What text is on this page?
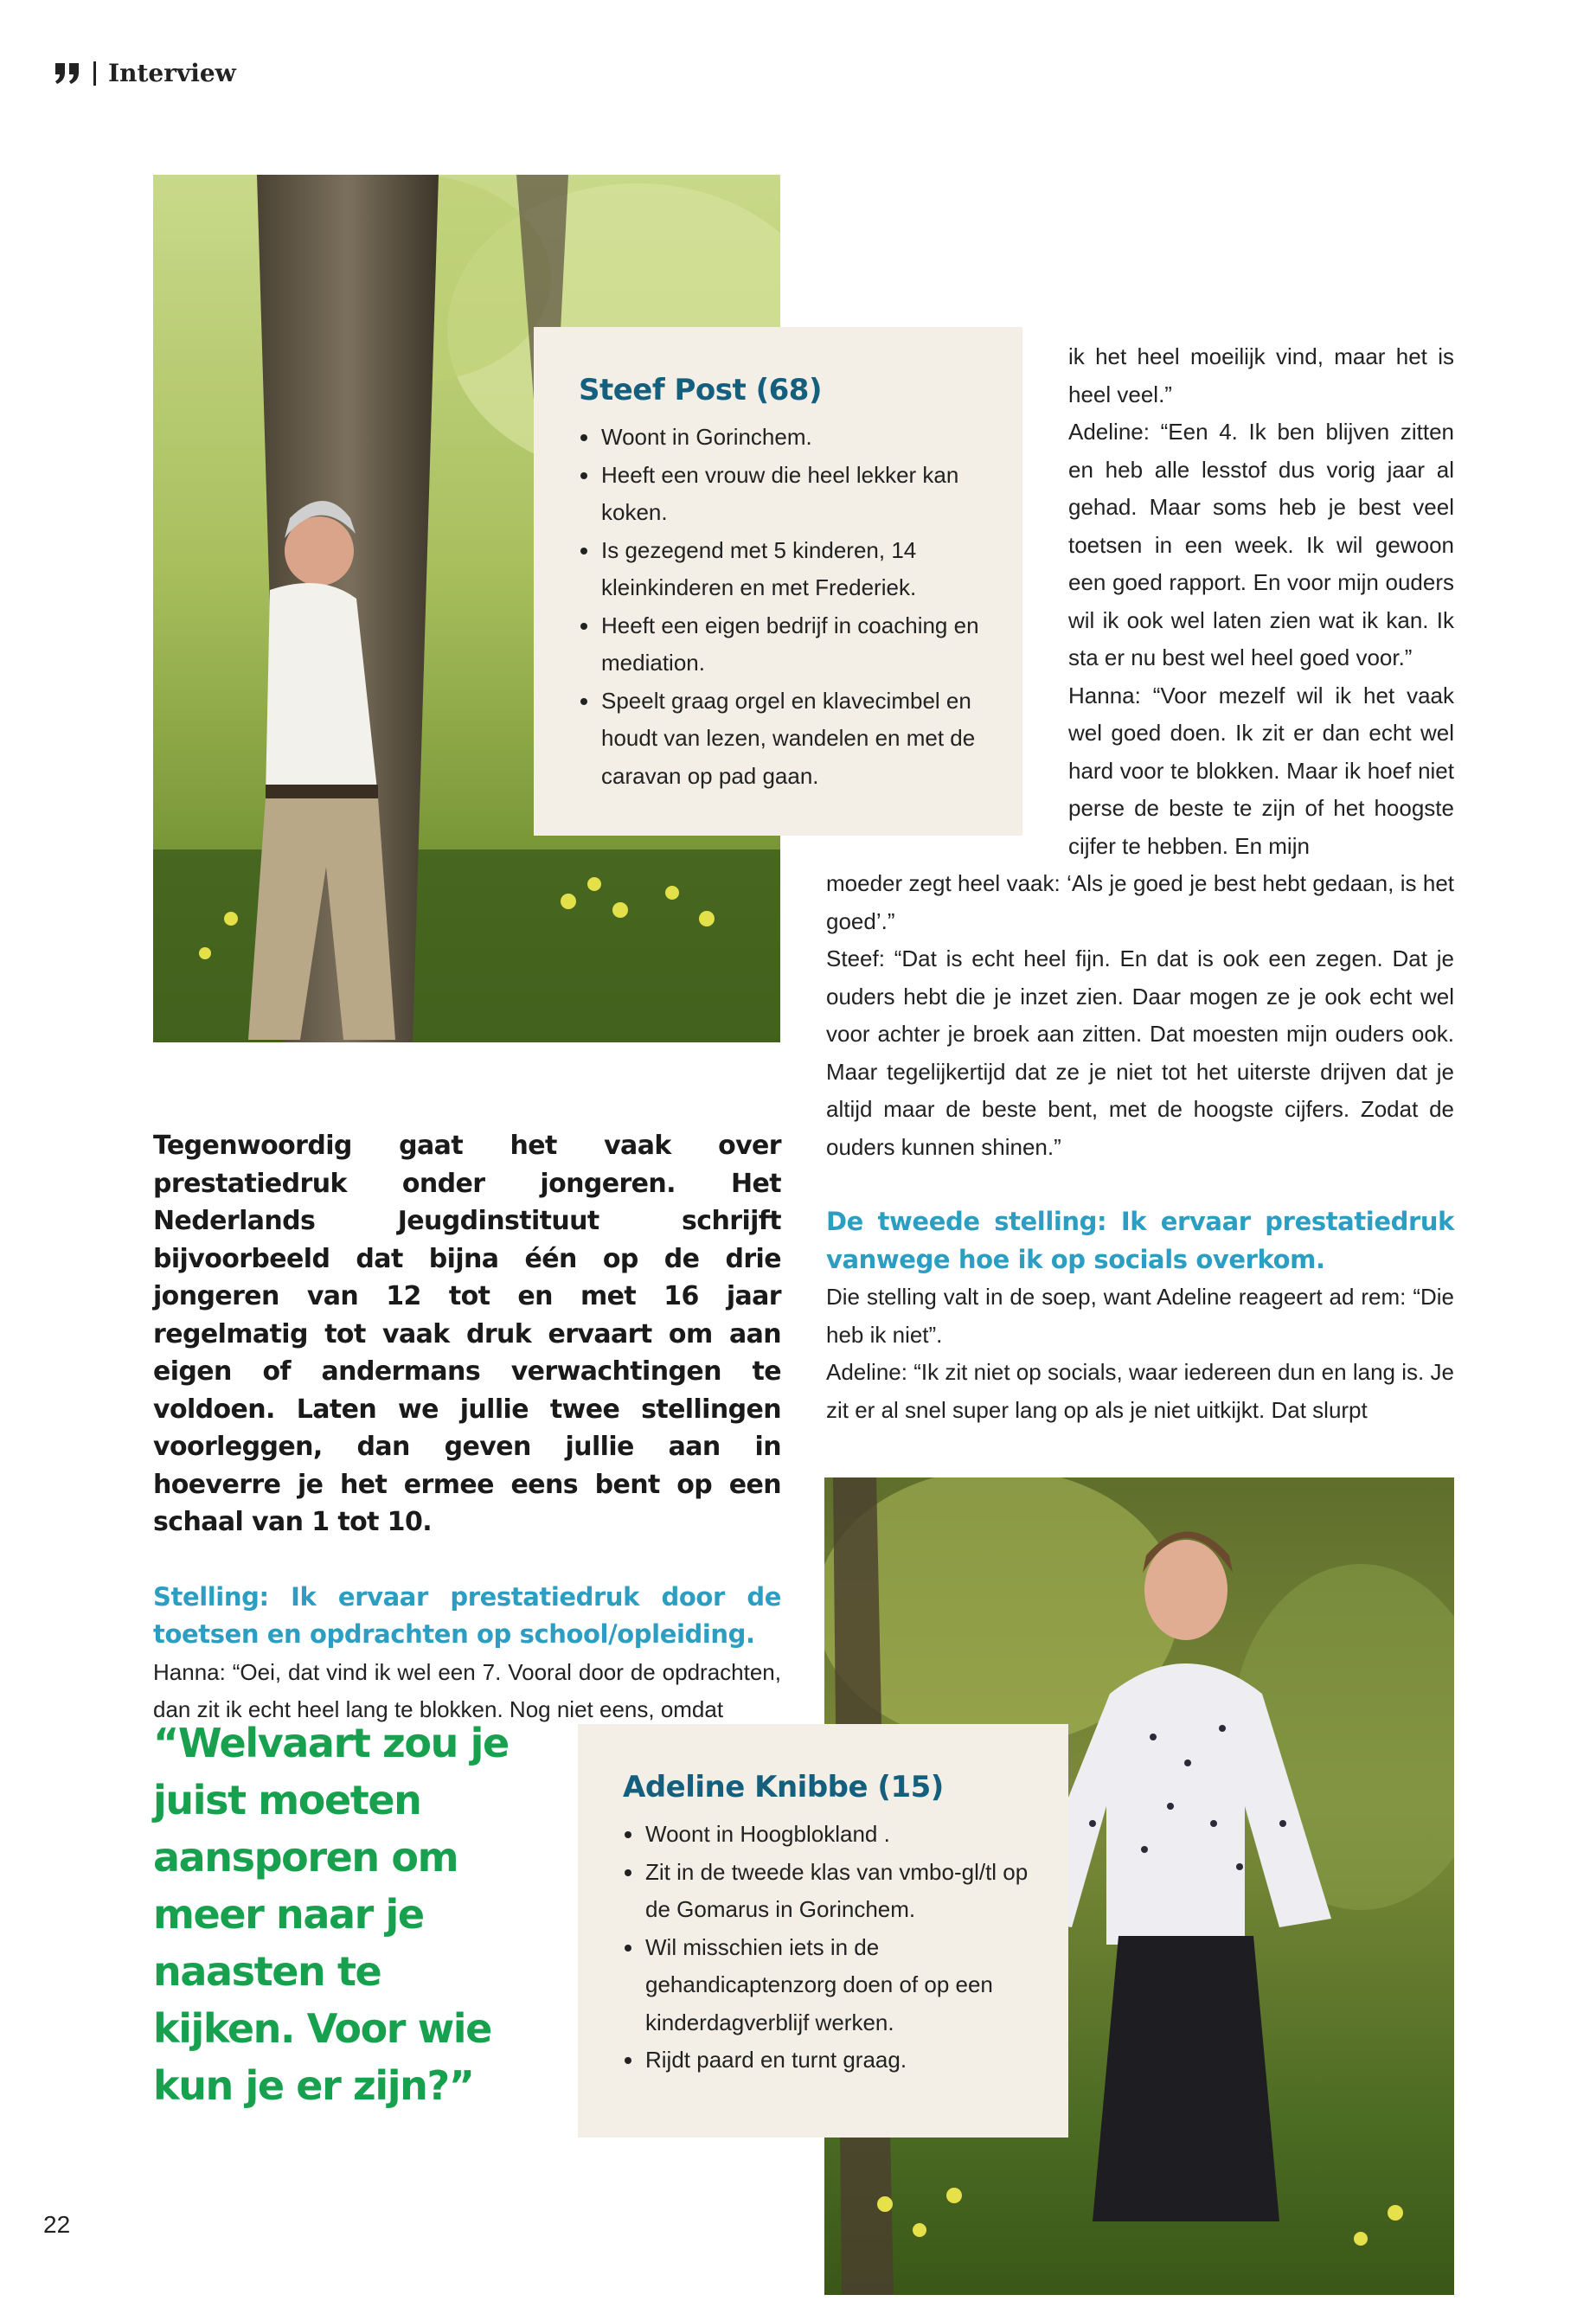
Interview
Steef Post (68)
Woont in Gorinchem.
Heeft een vrouw die heel lekker kan koken.
Is gezegend met 5 kinderen, 14 kleinkinderen en met Frederiek.
Heeft een eigen bedrijf in coaching en mediation.
Speelt graag orgel en klavecimbel en houdt van lezen, wandelen en met de caravan op pad gaan.

ik het heel moeilijk vind, maar het is heel veel.”

Adeline: “Een 4. Ik ben blijven zitten en heb alle lesstof dus vorig jaar al gehad. Maar soms heb je best veel toetsen in een week. Ik wil gewoon een goed rapport. En voor mijn ouders wil ik ook wel laten zien wat ik kan. Ik sta er nu best wel heel goed voor.”

Hanna: “Voor mezelf wil ik het vaak wel goed doen. Ik zit er dan echt wel hard voor te blokken. Maar ik hoef niet perse de beste te zijn of het hoogste cijfer te hebben. En mijn

moeder zegt heel vaak: ‘Als je goed je best hebt gedaan, is het goed’.”

Steef: “Dat is echt heel fijn. En dat is ook een zegen. Dat je ouders hebt die je inzet zien. Daar mogen ze je ook echt wel voor achter je broek aan zitten. Dat moesten mijn ouders ook. Maar tegelijkertijd dat ze je niet tot het uiterste drijven dat je altijd maar de beste bent, met de hoogste cijfers. Zodat de ouders kunnen shinen.”

De tweede stelling: Ik ervaar prestatiedruk vanwege hoe ik op socials overkom.

Die stelling valt in de soep, want Adeline reageert ad rem: “Die heb ik niet”.

Adeline: “Ik zit niet op socials, waar iedereen dun en lang is. Je zit er al snel super lang op als je niet uitkijkt. Dat slurpt

Tegenwoordig gaat het vaak over prestatiedruk onder jongeren. Het Nederlands Jeugdinstituut schrijft bijvoorbeeld dat bijna één op de drie jongeren van 12 tot en met 16 jaar regelmatig tot vaak druk ervaart om aan eigen of andermans verwachtingen te voldoen. Laten we jullie twee stellingen voorleggen, dan geven jullie aan in hoeverre je het ermee eens bent op een schaal van 1 tot 10.

Stelling: Ik ervaar prestatiedruk door de toetsen en opdrachten op school/opleiding.

Hanna: “Oei, dat vind ik wel een 7. Vooral door de opdrachten, dan zit ik echt heel lang te blokken. Nog niet eens, omdat

“Welvaart zou je juist moeten aansporen om meer naar je naasten te kijken. Voor wie kun je er zijn?”
Adeline Knibbe (15)
Woont in Hoogblokland .
Zit in de tweede klas van vmbo-gl/tl op de Gomarus in Gorinchem.
Wil misschien iets in de gehandicaptenzorg doen of op een kinderdagverblijf werken.
Rijdt paard en turnt graag.
22
